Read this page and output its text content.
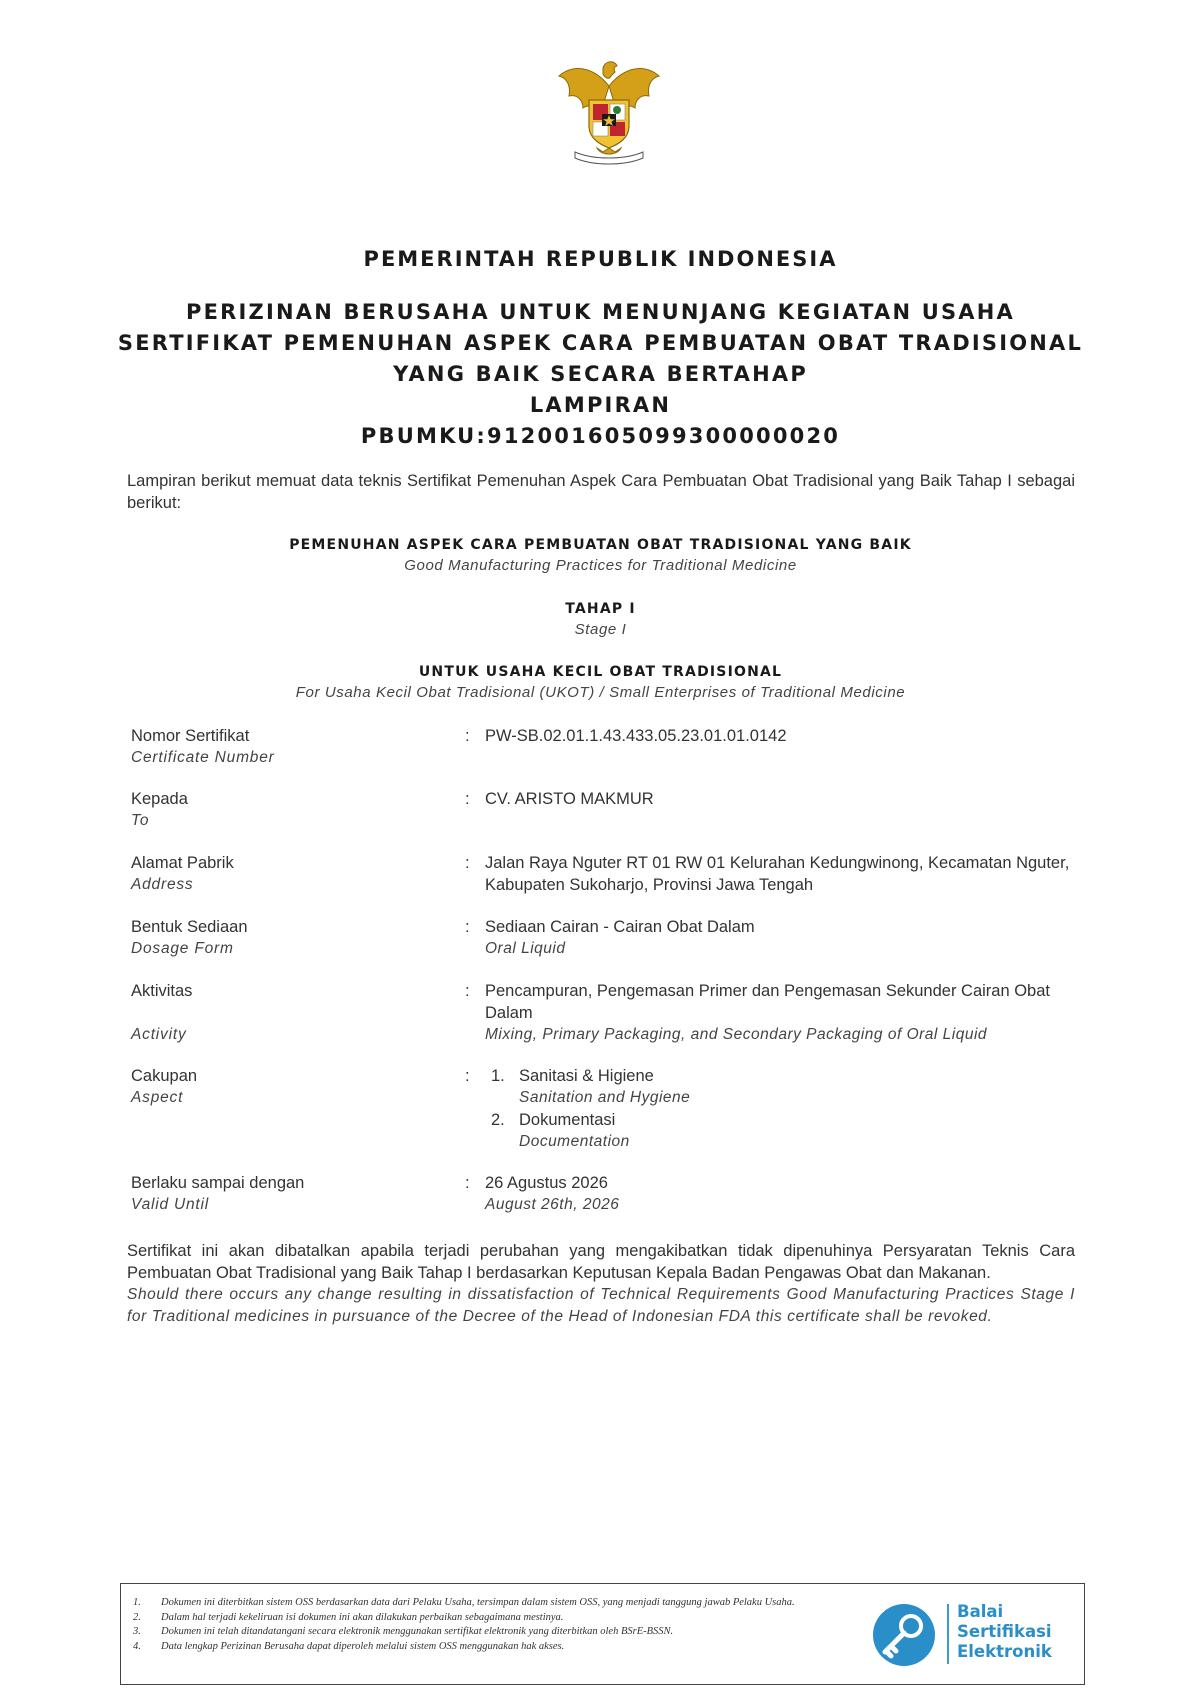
PEMERINTAH REPUBLIK INDONESIA
PERIZINAN BERUSAHA UNTUK MENUNJANG KEGIATAN USAHA
SERTIFIKAT PEMENUHAN ASPEK CARA PEMBUATAN OBAT TRADISIONAL
YANG BAIK SECARA BERTAHAP
LAMPIRAN
PBUMKU:912001605099300000020
Lampiran berikut memuat data teknis Sertifikat Pemenuhan Aspek Cara Pembuatan Obat Tradisional yang Baik Tahap I sebagai berikut:
PEMENUHAN ASPEK CARA PEMBUATAN OBAT TRADISIONAL YANG BAIK
Good Manufacturing Practices for Traditional Medicine
TAHAP I
Stage I
UNTUK USAHA KECIL OBAT TRADISIONAL
For Usaha Kecil Obat Tradisional (UKOT) / Small Enterprises of Traditional Medicine
Nomor Sertifikat
Certificate Number
: PW-SB.02.01.1.43.433.05.23.01.01.0142
Kepada
To
: CV. ARISTO MAKMUR
Alamat Pabrik
Address
: Jalan Raya Nguter RT 01 RW 01 Kelurahan Kedungwinong, Kecamatan Nguter, Kabupaten Sukoharjo, Provinsi Jawa Tengah
Bentuk Sediaan
Dosage Form
: Sediaan Cairan - Cairan Obat Dalam
Oral Liquid
Aktivitas
Activity
: Pencampuran, Pengemasan Primer dan Pengemasan Sekunder Cairan Obat Dalam
Mixing, Primary Packaging, and Secondary Packaging of Oral Liquid
Cakupan
Aspect
: 1. Sanitasi & Higiene
Sanitation and Hygiene
2. Dokumentasi
Documentation
Berlaku sampai dengan
Valid Until
: 26 Agustus 2026
August 26th, 2026
Sertifikat ini akan dibatalkan apabila terjadi perubahan yang mengakibatkan tidak dipenuhinya Persyaratan Teknis Cara Pembuatan Obat Tradisional yang Baik Tahap I berdasarkan Keputusan Kepala Badan Pengawas Obat dan Makanan.
Should there occurs any change resulting in dissatisfaction of Technical Requirements Good Manufacturing Practices Stage I for Traditional medicines in pursuance of the Decree of the Head of Indonesian FDA this certificate shall be revoked.
1. Dokumen ini diterbitkan sistem OSS berdasarkan data dari Pelaku Usaha, tersimpan dalam sistem OSS, yang menjadi tanggung jawab Pelaku Usaha.
2. Dalam hal terjadi kekeliruan isi dokumen ini akan dilakukan perbaikan sebagaimana mestinya.
3. Dokumen ini telah ditandatangani secara elektronik menggunakan sertifikat elektronik yang diterbitkan oleh BSrE-BSSN.
4. Data lengkap Perizinan Berusaha dapat diperoleh melalui sistem OSS menggunakan hak akses.
Balai
Sertifikasi
Elektronik
